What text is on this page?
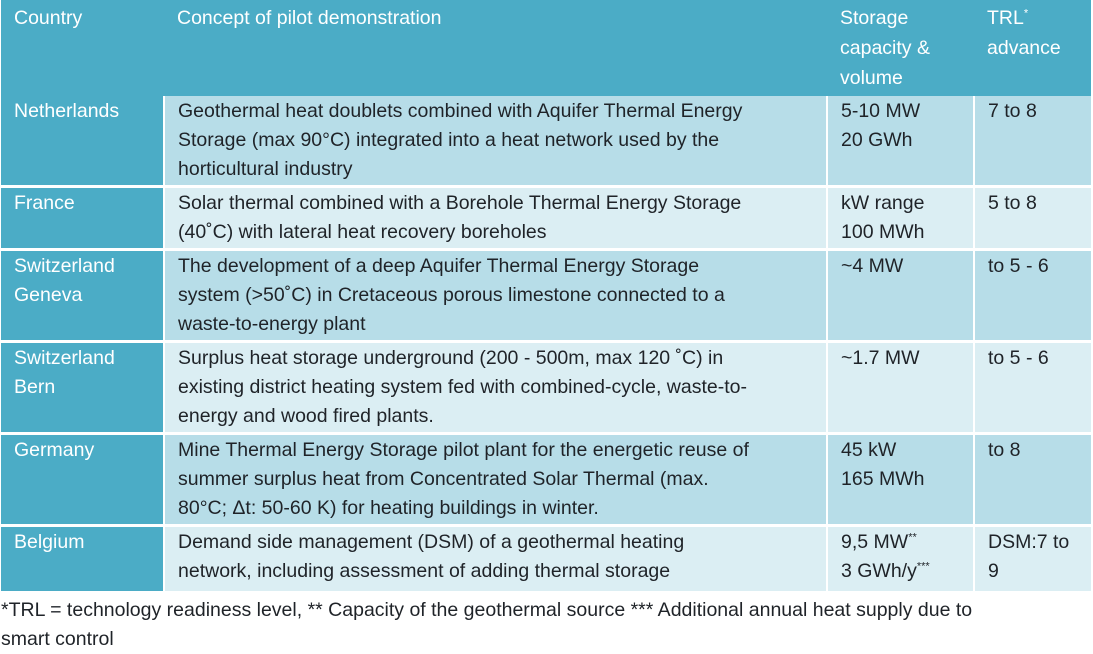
Country	Concept of pilot demonstration	Storage
capacity &
volume	TRL*
advance

Netherlands	Geothermal heat doublets combined with Aquifer Thermal Energy
Storage (max 90°C) integrated into a heat network used by the
horticultural industry	5-10 MW
20 GWh	7 to 8

France	Solar thermal combined with a Borehole Thermal Energy Storage
(40˚C) with lateral heat recovery boreholes	kW range
100 MWh	5 to 8

Switzerland
Geneva	The development of a deep Aquifer Thermal Energy Storage
system (>50˚C) in Cretaceous porous limestone connected to a
waste-to-energy plant	~4 MW	to 5 - 6

Switzerland
Bern	Surplus heat storage underground (200 - 500m, max 120 ˚C) in
existing district heating system fed with combined-cycle, waste-to-
energy and wood fired plants.	~1.7 MW	to 5 - 6

Germany	Mine Thermal Energy Storage pilot plant for the energetic reuse of
summer surplus heat from Concentrated Solar Thermal (max.
80°C; Δt: 50-60 K) for heating buildings in winter.	45 kW
165 MWh	to 8

Belgium	Demand side management (DSM) of a geothermal heating
network, including assessment of adding thermal storage	9,5 MW**
3 GWh/y***	DSM:7 to
9
*TRL = technology readiness level, ** Capacity of the geothermal source *** Additional annual heat supply due to
smart control
